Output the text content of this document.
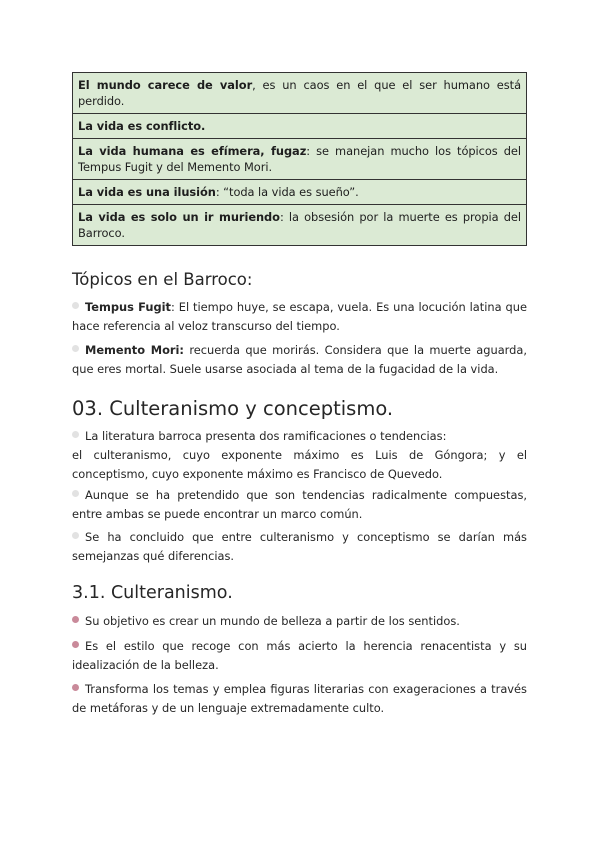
El mundo carece de valor, es un caos en el que el ser humano está perdido.
La vida es conflicto.
La vida humana es efímera, fugaz: se manejan mucho los tópicos del Tempus Fugit y del Memento Mori.
La vida es una ilusión: “toda la vida es sueño”.
La vida es solo un ir muriendo: la obsesión por la muerte es propia del Barroco.
Tópicos en el Barroco:

Tempus Fugit: El tiempo huye, se escapa, vuela. Es una locución latina que hace referencia al veloz transcurso del tiempo.

Memento Mori: recuerda que morirás. Considera que la muerte aguarda, que eres mortal. Suele usarse asociada al tema de la fugacidad de la vida.

03. Culteranismo y conceptismo.

La literatura barroca presenta dos ramificaciones o tendencias:

el culteranismo, cuyo exponente máximo es Luis de Góngora; y el conceptismo, cuyo exponente máximo es Francisco de Quevedo.

Aunque se ha pretendido que son tendencias radicalmente compuestas, entre ambas se puede encontrar un marco común.

Se ha concluido que entre culteranismo y conceptismo se darían más semejanzas qué diferencias.

3.1. Culteranismo.

Su objetivo es crear un mundo de belleza a partir de los sentidos.

Es el estilo que recoge con más acierto la herencia renacentista y su idealización de la belleza.

Transforma los temas y emplea figuras literarias con exageraciones a través de metáforas y de un lenguaje extremadamente culto.
